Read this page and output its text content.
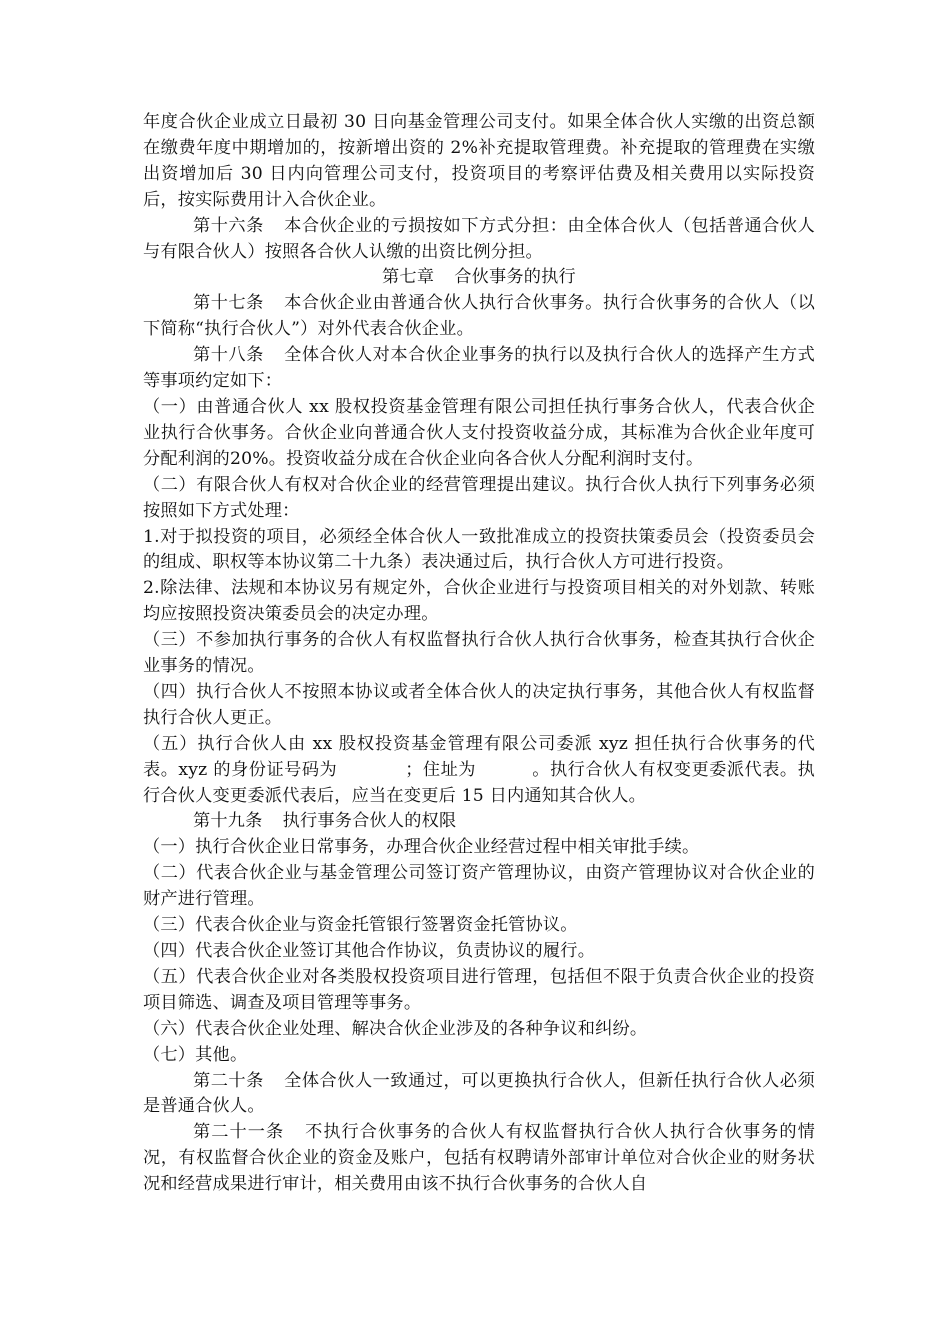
年度合伙企业成立日最初 30 日向基金管理公司支付。如果全体合伙人实缴的出资总额在缴费年度中期增加的，按新增出资的 2%补充提取管理费。补充提取的管理费在实缴出资增加后 30 日内向管理公司支付，投资项目的考察评估费及相关费用以实际投资后，按实际费用计入合伙企业。

第十六条 本合伙企业的亏损按如下方式分担：由全体合伙人（包括普通合伙人与有限合伙人）按照各合伙人认缴的出资比例分担。

第七章 合伙事务的执行

第十七条 本合伙企业由普通合伙人执行合伙事务。执行合伙事务的合伙人（以下简称“执行合伙人”）对外代表合伙企业。

第十八条 全体合伙人对本合伙企业事务的执行以及执行合伙人的选择产生方式等事项约定如下：

（一）由普通合伙人 xx 股权投资基金管理有限公司担任执行事务合伙人，代表合伙企业执行合伙事务。合伙企业向普通合伙人支付投资收益分成，其标准为合伙企业年度可分配利润的20%。投资收益分成在合伙企业向各合伙人分配利润时支付。

（二）有限合伙人有权对合伙企业的经营管理提出建议。执行合伙人执行下列事务必须按照如下方式处理：

1.对于拟投资的项目，必须经全体合伙人一致批准成立的投资扶策委员会（投资委员会的组成、职权等本协议第二十九条）表决通过后，执行合伙人方可进行投资。

2.除法律、法规和本协议另有规定外，合伙企业进行与投资项目相关的对外划款、转账均应按照投资决策委员会的决定办理。

（三）不参加执行事务的合伙人有权监督执行合伙人执行合伙事务，检查其执行合伙企业事务的情况。

（四）执行合伙人不按照本协议或者全体合伙人的决定执行事务，其他合伙人有权监督执行合伙人更正。

（五）执行合伙人由 xx 股权投资基金管理有限公司委派 xyz 担任执行合伙事务的代表。xyz 的身份证号码为	；住址为	。执行合伙人有权变更委派代表。执行合伙人变更委派代表后，应当在变更后 15 日内通知其合伙人。

第十九条 执行事务合伙人的权限

（一）执行合伙企业日常事务，办理合伙企业经营过程中相关审批手续。

（二）代表合伙企业与基金管理公司签订资产管理协议，由资产管理协议对合伙企业的财产进行管理。

（三）代表合伙企业与资金托管银行签署资金托管协议。

（四）代表合伙企业签订其他合作协议，负责协议的履行。

（五）代表合伙企业对各类股权投资项目进行管理，包括但不限于负责合伙企业的投资项目筛选、调查及项目管理等事务。

（六）代表合伙企业处理、解决合伙企业涉及的各种争议和纠纷。

（七）其他。

第二十条 全体合伙人一致通过，可以更换执行合伙人，但新任执行合伙人必须是普通合伙人。

第二十一条 不执行合伙事务的合伙人有权监督执行合伙人执行合伙事务的情况，有权监督合伙企业的资金及账户，包括有权聘请外部审计单位对合伙企业的财务状况和经营成果进行审计，相关费用由该不执行合伙事务的合伙人自
